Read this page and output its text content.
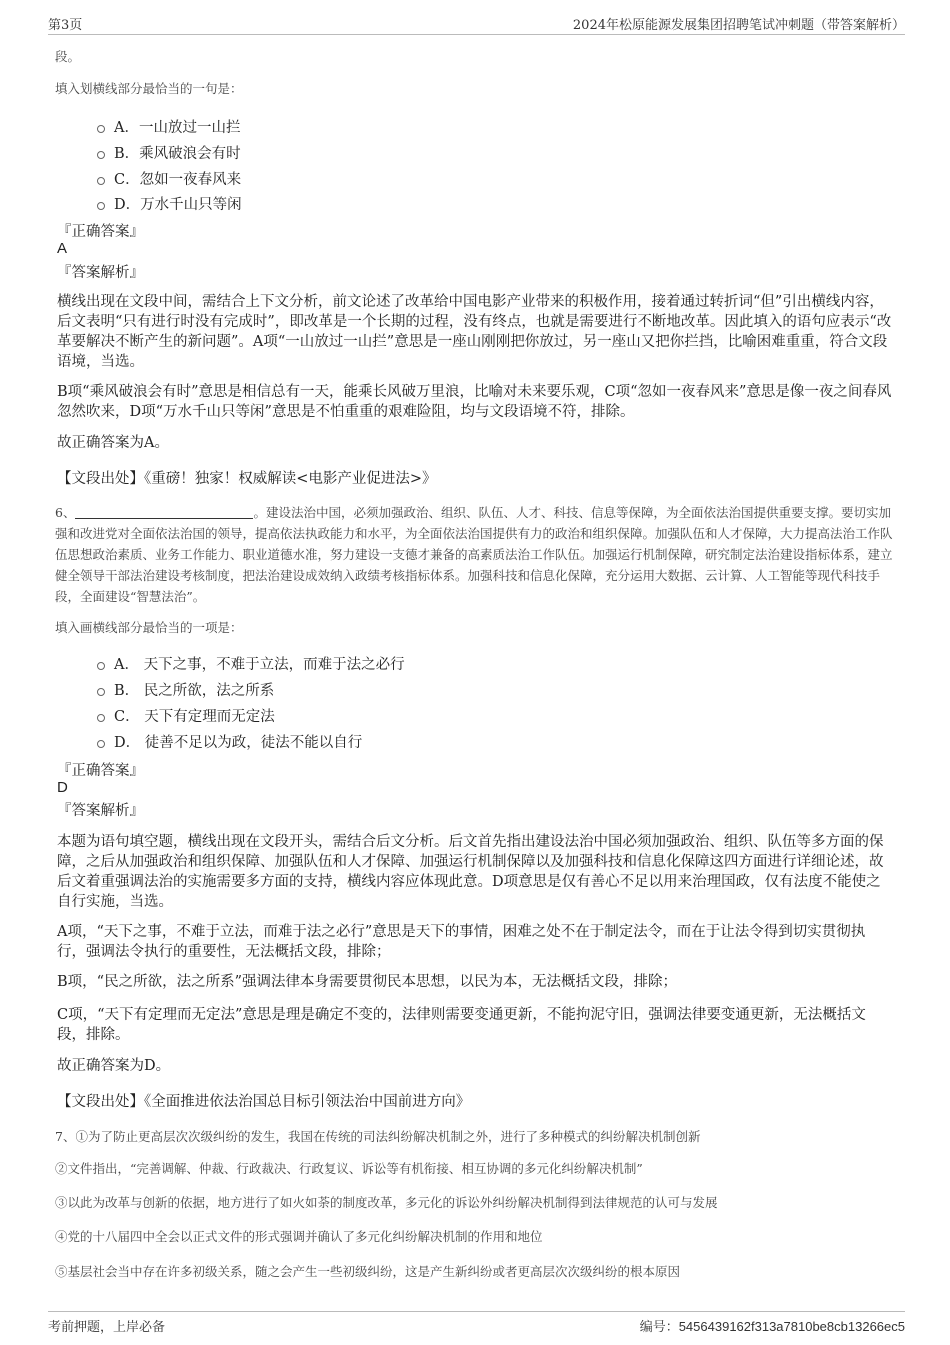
第3页	2024年松原能源发展集团招聘笔试冲刺题（带答案解析）
段。
填入划横线部分最恰当的一句是：
A．一山放过一山拦
B．乘风破浪会有时
C．忽如一夜春风来
D．万水千山只等闲
『正确答案』
A
『答案解析』
横线出现在文段中间，需结合上下文分析，前文论述了改革给中国电影产业带来的积极作用，接着通过转折词“但”引出横线内容，后文表明“只有进行时没有完成时”，即改革是一个长期的过程，没有终点，也就是需要进行不断地改革。因此填入的语句应表示“改革要解决不断产生的新问题”。A项“一山放过一山拦”意思是一座山刚刚把你放过，另一座山又把你拦挡，比喻困难重重，符合文段语境，当选。
B项“乘风破浪会有时”意思是相信总有一天，能乘长风破万里浪，比喻对未来要乐观，C项“忽如一夜春风来”意思是像一夜之间春风忽然吹来，D项“万水千山只等闲”意思是不怕重重的艰难险阻，均与文段语境不符，排除。
故正确答案为A。
【文段出处】《重磅！独家！权威解读<电影产业促进法>》
6、	。建设法治中国，必须加强政治、组织、队伍、人才、科技、信息等保障，为全面依法治国提供重要支撑。要切实加强和改进党对全面依法治国的领导，提高依法执政能力和水平，为全面依法治国提供有力的政治和组织保障。加强队伍和人才保障，大力提高法治工作队伍思想政治素质、业务工作能力、职业道德水准，努力建设一支德才兼备的高素质法治工作队伍。加强运行机制保障，研究制定法治建设指标体系，建立健全领导干部法治建设考核制度，把法治建设成效纳入政绩考核指标体系。加强科技和信息化保障，充分运用大数据、云计算、人工智能等现代科技手段，全面建设“智慧法治”。
填入画横线部分最恰当的一项是：
A． 天下之事，不难于立法，而难于法之必行
B． 民之所欲，法之所系
C． 天下有定理而无定法
D． 徒善不足以为政，徒法不能以自行
『正确答案』
D
『答案解析』
本题为语句填空题，横线出现在文段开头，需结合后文分析。后文首先指出建设法治中国必须加强政治、组织、队伍等多方面的保障，之后从加强政治和组织保障、加强队伍和人才保障、加强运行机制保障以及加强科技和信息化保障这四方面进行详细论述，故后文着重强调法治的实施需要多方面的支持，横线内容应体现此意。D项意思是仅有善心不足以用来治理国政，仅有法度不能使之自行实施，当选。
A项，“天下之事，不难于立法，而难于法之必行”意思是天下的事情，困难之处不在于制定法令，而在于让法令得到切实贯彻执行，强调法令执行的重要性，无法概括文段，排除；
B项，“民之所欲，法之所系”强调法律本身需要贯彻民本思想，以民为本，无法概括文段，排除；
C项，“天下有定理而无定法”意思是理是确定不变的，法律则需要变通更新，不能拘泥守旧，强调法律要变通更新，无法概括文段，排除。
故正确答案为D。
【文段出处】《全面推进依法治国总目标引领法治中国前进方向》
7、①为了防止更高层次次级纠纷的发生，我国在传统的司法纠纷解决机制之外，进行了多种模式的纠纷解决机制创新
②文件指出，“完善调解、仲裁、行政裁决、行政复议、诉讼等有机衔接、相互协调的多元化纠纷解决机制”
③以此为改革与创新的依据，地方进行了如火如荼的制度改革，多元化的诉讼外纠纷解决机制得到法律规范的认可与发展
④党的十八届四中全会以正式文件的形式强调并确认了多元化纠纷解决机制的作用和地位
⑤基层社会当中存在许多初级关系，随之会产生一些初级纠纷，这是产生新纠纷或者更高层次次级纠纷的根本原因
考前押题，上岸必备	编号：5456439162f313a7810be8cb13266ec5
